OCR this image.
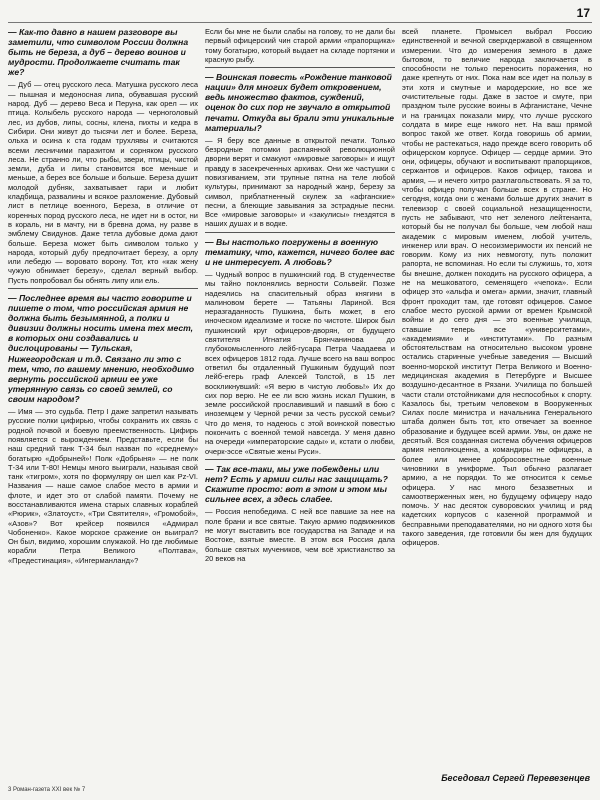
17

— Как-то давно в нашем разговоре вы заметили, что символом России должна быть не береза, а дуб – дерево воинов и мудрости. Продолжаете считать так же?

— Дуб — отец русского леса. Матушка русского леса — пышная и медоносная липа, обувавшая русский народ. Дуб — дерево Веса и Перуна, как орел — их птица. Колыбель русского народа — черноголовый лес, из дубов, липы, сосны, клена, пихты и кедра в Сибири. Они живут до тысячи лет и более. Береза, ольха и осина к ста годам трухлявы и считаются всеми лесничими паразитом и сорняком русского леса. Не странно ли, что рыбы, звери, птицы, чистой земли, дуба и липы становится все меньше и меньше, а берез все больше и больше. Береза душит молодой дубняк, захватывает гари и любит кладбища, развалины и всякое разложение. Дубовый лист в петлице военного, Береза, в отличие от коренных пород русского леса, не идет ни в остог, ни в кораль, ни в мачту, ни в бревна дома, ну разве в эмблему Свидунов. Даже тетла дубовые дома дают больше. Береза может быть символом только у народа, который дубу предпочитает березу, а орлу или лебедю — воровато ворону. Тот, кто «как жену чужую обнимает березу», сделал верный выбор. Пусть попробовал бы обнять липу или ель.

— Последнее время вы часто говорите и пишете о том, что российская армия не должна быть безымянной, а полки и дивизии должны носить имена тех мест, в которых они создавались и дислоцированы — Тульская, Нижегородская и т.д. Связано ли это с тем, что, по вашему мнению, необходимо вернуть российской армии ее уже утерянную связь со своей землей, со своим народом?

— Имя — это судьба. Петр I даже запретил называть русские полки цифирью, чтобы сохранить их связь с родной почвой и боевую преемственность. Цифирь появляется с вырождением. Представьте, если бы наш средний танк Т-34 был назван по «среднему» богатырю «Добрыней»! Полк «Добрыня» — не полк Т-34 или Т-80! Немцы много выиграли, называя свой танк «тигром», хотя по формуляру он шел как Pz-VI. Названия — наше самое слабое место в армии и флоте, и идет это от слабой памяти. Почему не восстанавливаются имена старых славных кораблей «Рюрик», «Златоуст», «Три Святителя», «Громобой», «Азов»? Вот крейсер появился «Адмирал Чобоненко». Какое морское сражение он выиграл? Он был, видимо, хорошим служакой. Но где любимые корабли Петра Великого «Полтава», «Предестинация», «Ингерманланд»?

Если бы мне не были слабы на голову, то не дали бы первый офицерский чин старой армии «прапорщика» тому богатырю, который выдает на складе портянки и красную рыбу.

— Воинская повесть «Рождение танковой нации» для многих будет откровением, ведь множество фактов, суждений, оценок до сих пор не звучало в открытой печати. Откуда вы брали эти уникальные материалы?

— Я беру все данные в открытой печати. Только безродные потомки распаянной революционной дворни верят и смакуют «мировые заговоры» и ищут правду в засекреченных архивах. Они же частушки с повизгиванием, эти трупные пятна на теле любой культуры, принимают за народный жанр, березу за символ, приблатненный скулеж за «афганские» песни, а блеющие завывания за эстрадные песни. Все «мировые заговоры» и «закулисы» гнездятся в наших душах и в водке.

— Вы настолько погружены в военную тематику, что, кажется, ничего более вас и не интересует. А любовь?

— Чудный вопрос в пушкинский год. В студенчестве мы тайно поклонялись верности Сольвейг. Позже надеялись на спасительный образ княгини в малиновом берете — Татьяны Лариной. Вся неразгаданность Пушкина, быть может, в его иноческом идеализме и тоске по чистоте. Широк был пушкинский круг офицеров-дворян, от будущего святителя Игнатия Брянчанинова до глубокомысленного лейб-гусара Петра Чаадаева и всех офицеров 1812 года. Лучше всего на ваш вопрос ответил бы отдаленный Пушкиным будущий поэт лейб-егерь граф Алексей Толстой, в 15 лет воскликнувший: «Я верю в чистую любовь!» Их до сих пор верю. Не ее ли всю жизнь искал Пушкин, в земле российской прославивший и павший в бою с иноземцем у Черной речки за честь русской семьи? Что до меня, то надеюсь с этой воинской повестью покончить с военной темой навсегда. У меня давно на очереди «императорские сады» и, кстати о любви, очерк-эссе «Святые жены Руси».

— Так все-таки, мы уже побеждены или нет? Есть у армии силы нас защищать? Скажите просто: вот в этом и этом мы сильнее всех, а здесь слабее.

— Россия непобедима. С ней все павшие за нее на поле брани и все святые. Такую армию подвижников не могут выставить все государства на Западе и на Востоке, взятые вместе. В этом вся Россия дала больше святых мучеников, чем всё христианство за 20 веков на

всей планете. Промысел выбрал Россию единственной и вечной сверхдержавой в священном измерении. Что до измерения земного в даже бытовом, то величие народа заключается в способности не только переносить поражения, но даже крепнуть от них. Пока нам все идет на пользу в эти хотя и смутные и мародерские, но все же очистительные годы. Даже в застое и смуте, при праздном тыле русские воины в Афганистане, Чечне и на границах показали миру, что лучше русского солдата в мире еще никого нет. На ваш прямой вопрос такой же ответ. Когда говоришь об армии, чтобы не растекаться, надо прежде всего говорить об офицерском корпусе. Офицер — сердце армии. Это они, офицеры, обучают и воспитывают прапорщиков, сержантов и офицеров. Каков офицер, такова и армия, — и нечего хитро разглагольствовать. Я за то, чтобы офицер получал больше всех в стране. Но сегодня, когда они с женами больше других значит в телевизор с своей социальной незащищенности, пусть не забывают, что нет зеленого лейтенанта, который бы не получал бы больше, чем любой наш академик с мировым именем, любой учитель, инженер или врач. О несоизмеримости их пенсий не говорим. Кому из них невмоготу, путь положит рапорта, не вспоминая. Но если ты служишь, то, хотя бы внешне, должен походить на русского офицера, а не на мешковатого, семенящего «чепока». Если офицер это «альфа и омега» армии, значит, главный фронт проходит там, где готовят офицеров. Самое слабое место русской армии от времен Крымской войны и до сего дня — это военные училища, ставшие теперь все «университетами», «академиями» и «институтами». По разным обстоятельствам на относительно высоком уровне остались старинные учебные заведения — Высший военно-морской институт Петра Великого и Военно-медицинская академия в Петербурге и Высшее воздушно-десантное в Рязани. Училища по большей части стали отстойниками для неспособных к спорту. Казалось бы, третьим человеком в Вооруженных Силах после министра и начальника Генерального штаба должен быть тот, кто отвечает за военное образование и будущее всей армии. Увы, он даже не десятый. Вся созданная система обучения офицеров армия неполноценна, а командиры не офицеры, а более или менее добросовестные военные чиновники в униформе. Тыл обычно разлагает армию, а не порядки. То же относится к семье офицера. У нас много безазветных и самоотверженных жен, но будущему офицеру надо помочь. У нас десяток суворовских училищ и ряд кадетских корпусов с казенной программой и бесправными преподавателями, но ни одного хотя бы такого заведения, где готовили бы жен для будущих офицеров.

Беседовал Сергей Перевезенцев
3 Роман-газета XXI век № 7
